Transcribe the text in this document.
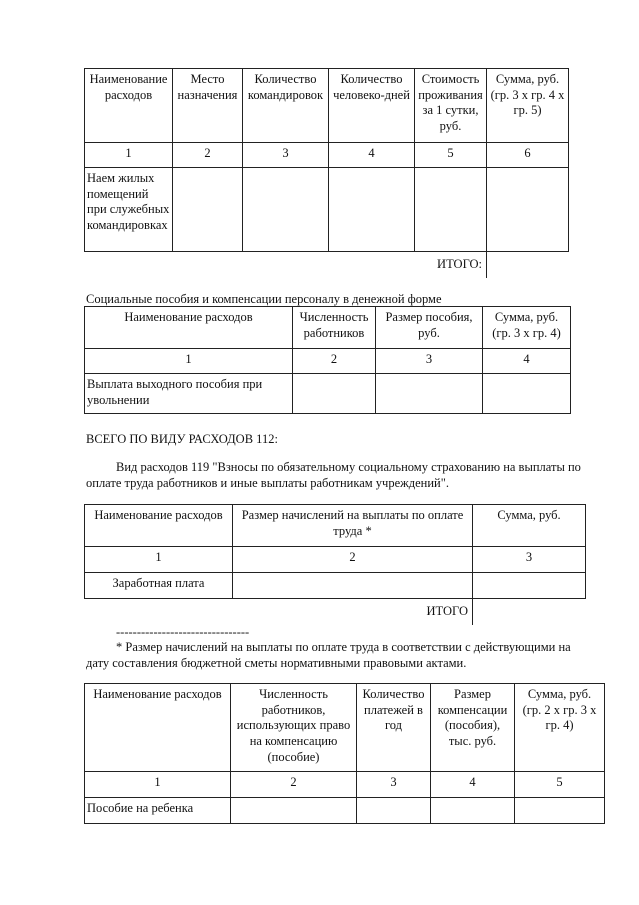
Наименование расходов	Место назначения	Количество командировок	Количество человеко-дней	Стоимость проживания за 1 сутки, руб.	Сумма, руб. (гр. 3 х гр. 4 х гр. 5)
1	2	3	4	5	6
Наем жилых помещений при служебных командировках					
				ИТОГО:	

Социальные пособия и компенсации персоналу в денежной форме

Наименование расходов	Численность работников	Размер пособия, руб.	Сумма, руб. (гр. 3 х гр. 4)
1	2	3	4
Выплата выходного пособия при увольнении			

ВСЕГО ПО ВИДУ РАСХОДОВ 112:

Вид расходов 119 "Взносы по обязательному социальному страхованию на выплаты по оплате труда работников и иные выплаты работникам учреждений".

Наименование расходов	Размер начислений на выплаты по оплате труда *	Сумма, руб.
1	2	3
Заработная плата		
	ИТОГО	

--------------------------------

* Размер начислений на выплаты по оплате труда в соответствии с действующими на дату составления бюджетной сметы нормативными правовыми актами.

Наименование расходов	Численность работников, использующих право на компенсацию (пособие)	Количество платежей в год	Размер компенсации (пособия), тыс. руб.	Сумма, руб. (гр. 2 х гр. 3 х гр. 4)
1	2	3	4	5
Пособие на ребенка				
